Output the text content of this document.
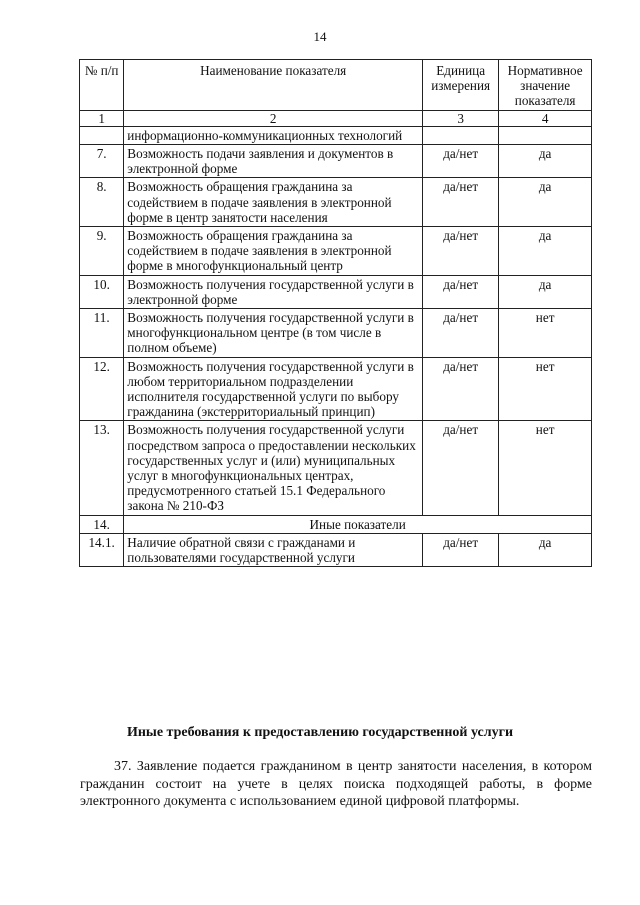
14
№ п/п	Наименование показателя	Единица измерения	Нормативное значение показателя
1	2	3	4
	информационно-коммуникационных технологий		
7.	Возможность подачи заявления и документов в электронной форме	да/нет	да
8.	Возможность обращения гражданина за содействием в подаче заявления в электронной форме в центр занятости населения	да/нет	да
9.	Возможность обращения гражданина за содействием в подаче заявления в электронной форме в многофункциональный центр	да/нет	да
10.	Возможность получения государственной услуги в электронной форме	да/нет	да
11.	Возможность получения государственной услуги в многофункциональном центре (в том числе в полном объеме)	да/нет	нет
12.	Возможность получения государственной услуги в любом территориальном подразделении исполнителя государственной услуги по выбору гражданина (экстерриториальный принцип)	да/нет	нет
13.	Возможность получения государственной услуги посредством запроса о предоставлении нескольких государственных услуг и (или) муниципальных услуг в многофункциональных центрах, предусмотренного статьей 15.1 Федерального закона № 210-ФЗ	да/нет	нет
14.	Иные показатели		
14.1.	Наличие обратной связи с гражданами и пользователями государственной услуги	да/нет	да
Иные требования к предоставлению государственной услуги

37. Заявление подается гражданином в центр занятости населения, в котором гражданин состоит на учете в целях поиска подходящей работы, в форме электронного документа с использованием единой цифровой платформы.
